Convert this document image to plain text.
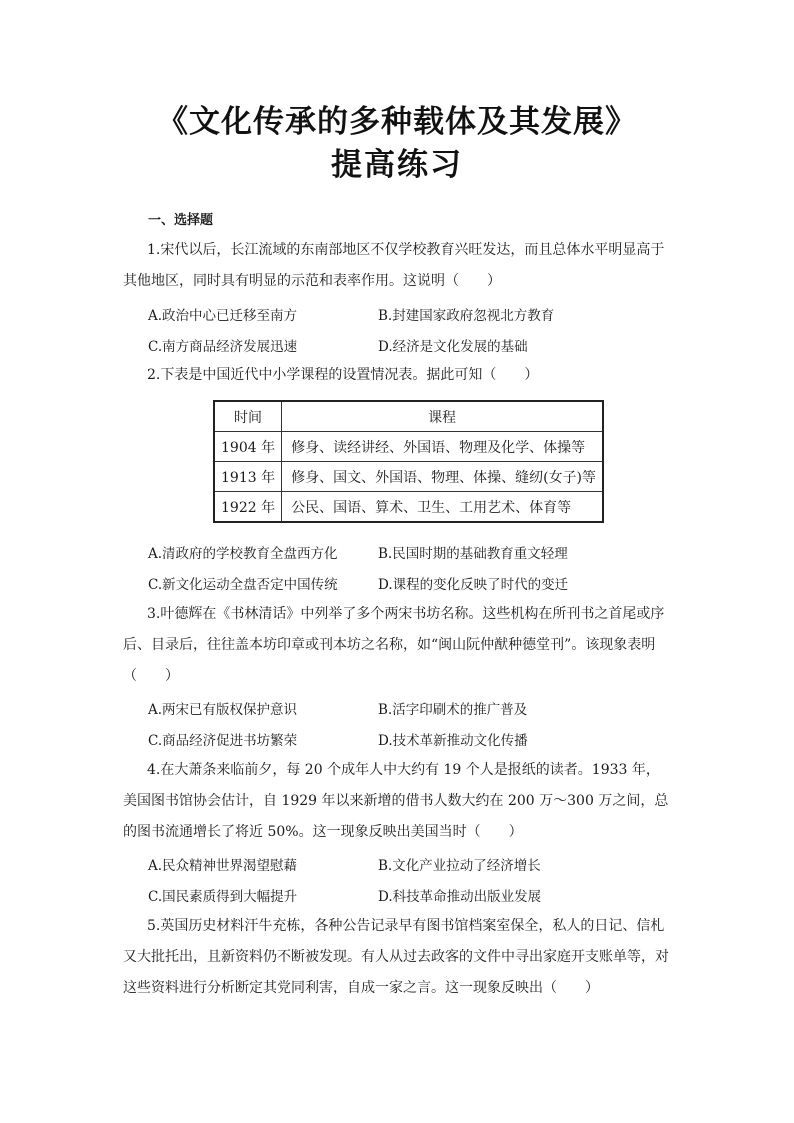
《文化传承的多种载体及其发展》
提高练习
一、选择题

1.宋代以后，长江流域的东南部地区不仅学校教育兴旺发达，而且总体水平明显高于其他地区，同时具有明显的示范和表率作用。这说明（　　）

A.政治中心已迁移至南方	B.封建国家政府忽视北方教育
C.南方商品经济发展迅速	D.经济是文化发展的基础

2.下表是中国近代中小学课程的设置情况表。据此可知（　　）

时间	课程
1904 年	修身、读经讲经、外国语、物理及化学、体操等
1913 年	修身、国文、外国语、物理、体操、缝纫(女子)等
1922 年	公民、国语、算术、卫生、工用艺术、体育等
A.清政府的学校教育全盘西方化	B.民国时期的基础教育重文轻理
C.新文化运动全盘否定中国传统	D.课程的变化反映了时代的变迁

3.叶德辉在《书林清话》中列举了多个两宋书坊名称。这些机构在所刊书之首尾或序后、目录后，往往盖本坊印章或刊本坊之名称，如“闽山阮仲猷种德堂刊”。该现象表明（　　）

A.两宋已有版权保护意识	B.活字印刷术的推广普及
C.商品经济促进书坊繁荣	D.技术革新推动文化传播

4.在大萧条来临前夕，每 20 个成年人中大约有 19 个人是报纸的读者。1933 年，美国图书馆协会估计，自 1929 年以来新增的借书人数大约在 200 万～300 万之间，总的图书流通增长了将近 50%。这一现象反映出美国当时（　　）

A.民众精神世界渴望慰藉	B.文化产业拉动了经济增长
C.国民素质得到大幅提升	D.科技革命推动出版业发展

5.英国历史材料汗牛充栋，各种公告记录早有图书馆档案室保全，私人的日记、信札又大批托出，且新资料仍不断被发现。有人从过去政客的文件中寻出家庭开支账单等，对这些资料进行分析断定其党同利害，自成一家之言。这一现象反映出（　　）
